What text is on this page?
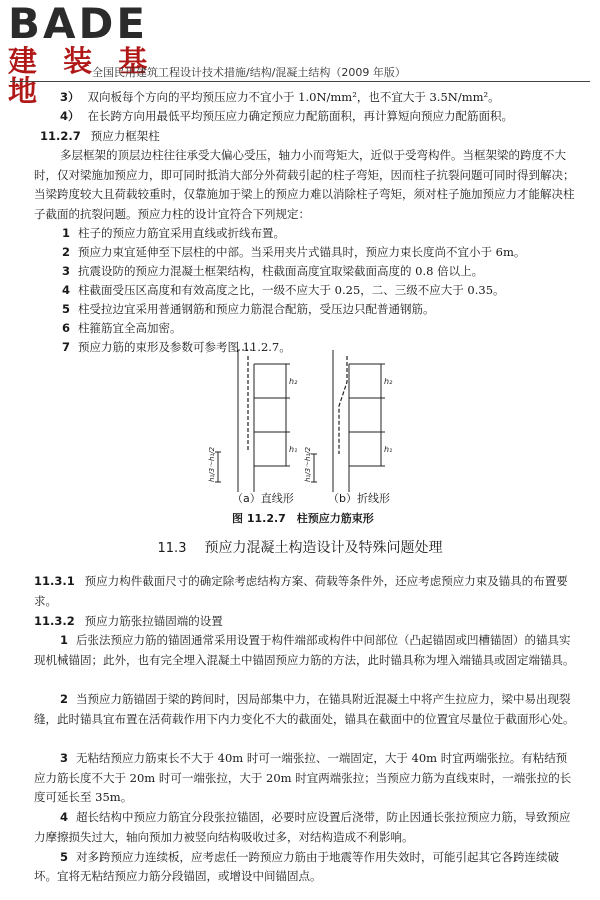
BADE
建 装 基 地
全国民用建筑工程设计技术措施/结构/混凝土结构（2009 年版）
3） 双向板每个方向的平均预压应力不宜小于 1.0N/mm²，也不宜大于 3.5N/mm²。
4） 在长跨方向用最低平均预压应力确定预应力配筋面积，再计算短向预应力配筋面积。
11.2.7 预应力框架柱
多层框架的顶层边柱往往承受大偏心受压，轴力小而弯矩大，近似于受弯构件。当框架梁的跨度不大时，仅对梁施加预应力，即可同时抵消大部分外荷载引起的柱子弯矩，因而柱子抗裂问题可同时得到解决；当梁跨度较大且荷载较重时，仅靠施加于梁上的预应力难以消除柱子弯矩，须对柱子施加预应力才能解决柱子截面的抗裂问题。预应力柱的设计宜符合下列规定：
1 柱子的预应力筋宜采用直线或折线布置。
2 预应力束宜延伸至下层柱的中部。当采用夹片式锚具时，预应力束长度尚不宜小于 6m。
3 抗震设防的预应力混凝土框架结构，柱截面高度宜取梁截面高度的 0.8 倍以上。
4 柱截面受压区高度和有效高度之比，一级不应大于 0.25，二、三级不应大于 0.35。
5 柱受拉边宜采用普通钢筋和预应力筋混合配筋，受压边只配普通钢筋。
6 柱箍筋宜全高加密。
7 预应力筋的束形及参数可参考图 11.2.7。
h₂
h₁
h₂
h₁
h₁/3～h₁/2	h₁/3～h₁/2
（a）直线形	（b）折线形
图 11.2.7　柱预应力筋束形
11.3 预应力混凝土构造设计及特殊问题处理
11.3.1 预应力构件截面尺寸的确定除考虑结构方案、荷载等条件外，还应考虑预应力束及锚具的布置要求。
11.3.2 预应力筋张拉锚固端的设置
1 后张法预应力筋的锚固通常采用设置于构件端部或构件中间部位（凸起锚固或凹槽锚固）的锚具实现机械锚固；此外，也有完全埋入混凝土中锚固预应力筋的方法，此时锚具称为埋入端锚具或固定端锚具。
2 当预应力筋锚固于梁的跨间时，因局部集中力，在锚具附近混凝土中将产生拉应力，梁中易出现裂缝，此时锚具宜布置在活荷载作用下内力变化不大的截面处，锚具在截面中的位置宜尽量位于截面形心处。
3 无粘结预应力筋束长不大于 40m 时可一端张拉、一端固定，大于 40m 时宜两端张拉。有粘结预应力筋长度不大于 20m 时可一端张拉，大于 20m 时宜两端张拉；当预应力筋为直线束时，一端张拉的长度可延长至 35m。
4 超长结构中预应力筋宜分段张拉锚固，必要时应设置后浇带，防止因通长张拉预应力筋，导致预应力摩擦损失过大，轴向预加力被竖向结构吸收过多，对结构造成不利影响。
5 对多跨预应力连续板，应考虑任一跨预应力筋由于地震等作用失效时，可能引起其它各跨连续破坏。宜将无粘结预应力筋分段锚固，或增设中间锚固点。
